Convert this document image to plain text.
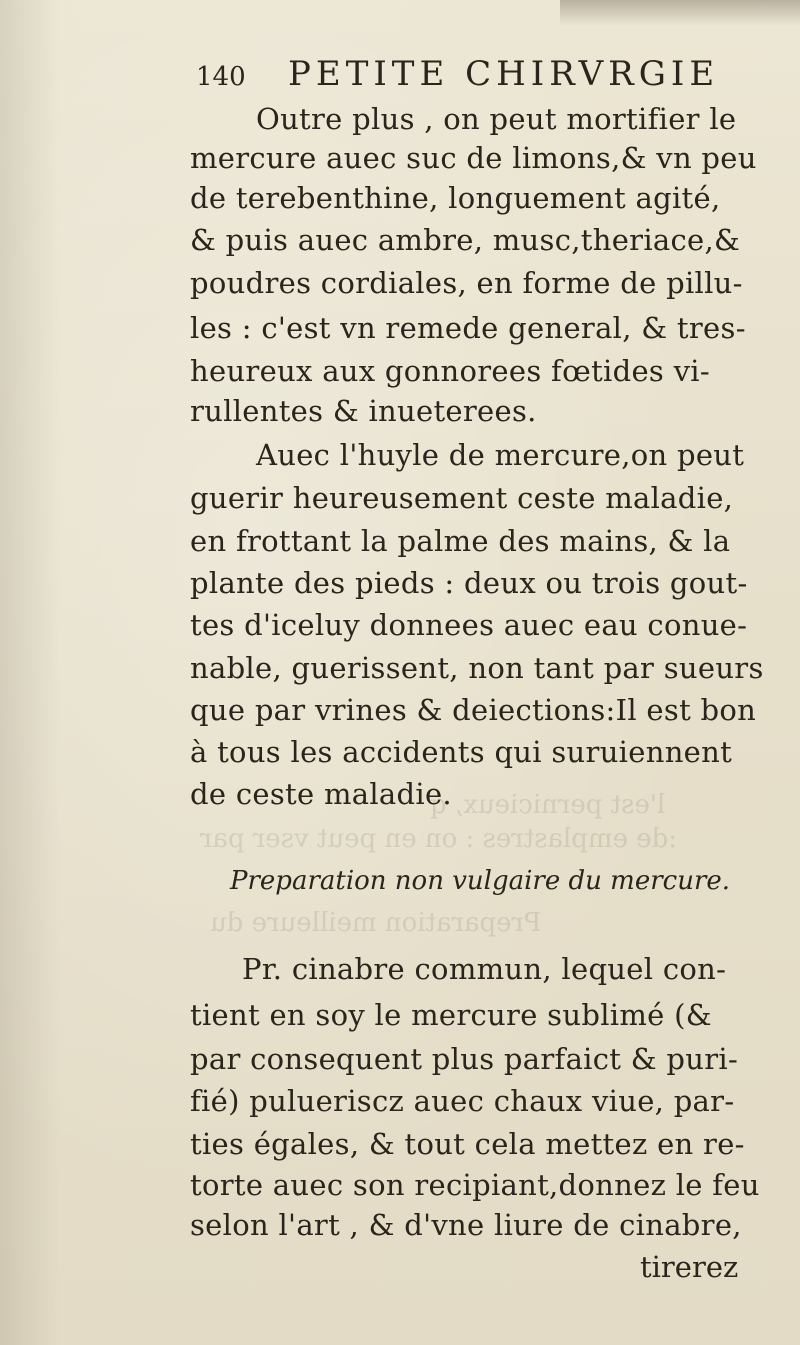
l'est pernicieux, q
:de emplastres : on en peut vser par
Preparation meilleure du
140 PETITE CHIRVRGIE
Outre plus , on peut mortifier le
mercure auec suc de limons,& vn peu
de terebenthine, longuement agité,
& puis auec ambre, musc,theriace,&
poudres cordiales, en forme de pillu-
les : c'est vn remede general, & tres-
heureux aux gonnorees fœtides vi-
rullentes & inueterees.
Auec l'huyle de mercure,on peut
guerir heureusement ceste maladie,
en frottant la palme des mains, & la
plante des pieds : deux ou trois gout-
tes d'iceluy donnees auec eau conue-
nable, guerissent, non tant par sueurs
que par vrines & deiections:Il est bon
à tous les accidents qui suruiennent
de ceste maladie.
Preparation non vulgaire du mercure.
Pr. cinabre commun, lequel con-
tient en soy le mercure sublimé (&
par consequent plus parfaict & puri-
fié) pulueriscz auec chaux viue, par-
ties égales, & tout cela mettez en re-
torte auec son recipiant,donnez le feu
selon l'art , & d'vne liure de cinabre,
tirerez
